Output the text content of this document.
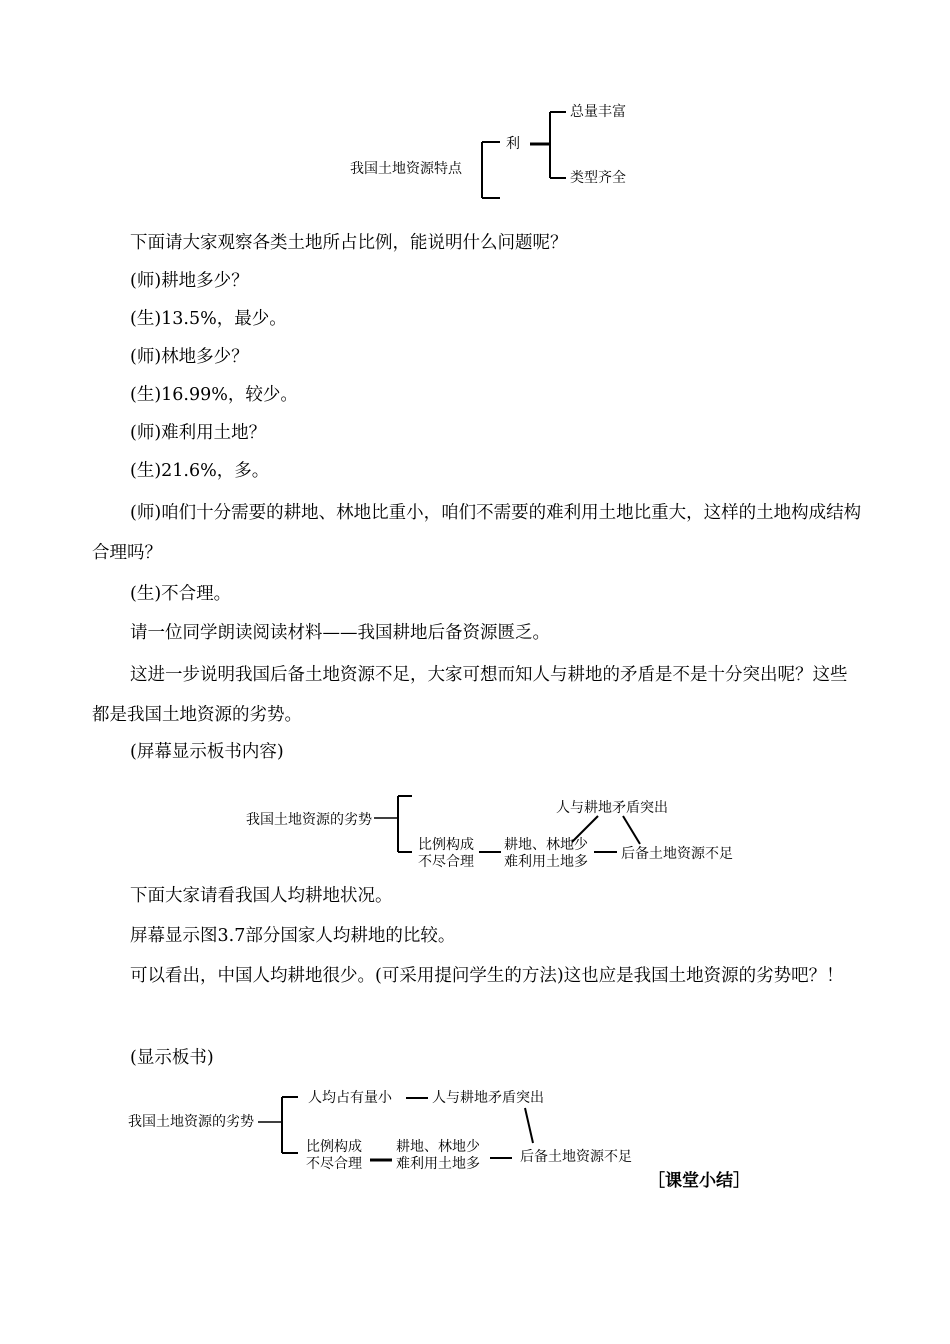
我国土地资源特点
利
总量丰富
类型齐全

下面请大家观察各类土地所占比例，能说明什么问题呢？

(师)耕地多少？

(生)13.5%，最少。

(师)林地多少？

(生)16.99%，较少。

(师)难利用土地？

(生)21.6%，多。

(师)咱们十分需要的耕地、林地比重小，咱们不需要的难利用土地比重大，这样的土地构成结构合理吗？

(生)不合理。

请一位同学朗读阅读材料——我国耕地后备资源匮乏。

这进一步说明我国后备土地资源不足，大家可想而知人与耕地的矛盾是不是十分突出呢？这些都是我国土地资源的劣势。

(屏幕显示板书内容)

我国土地资源的劣势
比例构成
不尽合理
耕地、林地少
难利用土地多
人与耕地矛盾突出
后备土地资源不足

下面大家请看我国人均耕地状况。

屏幕显示图3.7部分国家人均耕地的比较。

可以看出，中国人均耕地很少。(可采用提问学生的方法)这也应是我国土地资源的劣势吧？！

(显示板书)

我国土地资源的劣势
人均占有量小	人与耕地矛盾突出
比例构成
不尽合理
耕地、林地少
难利用土地多	后备土地资源不足
［课堂小结］
